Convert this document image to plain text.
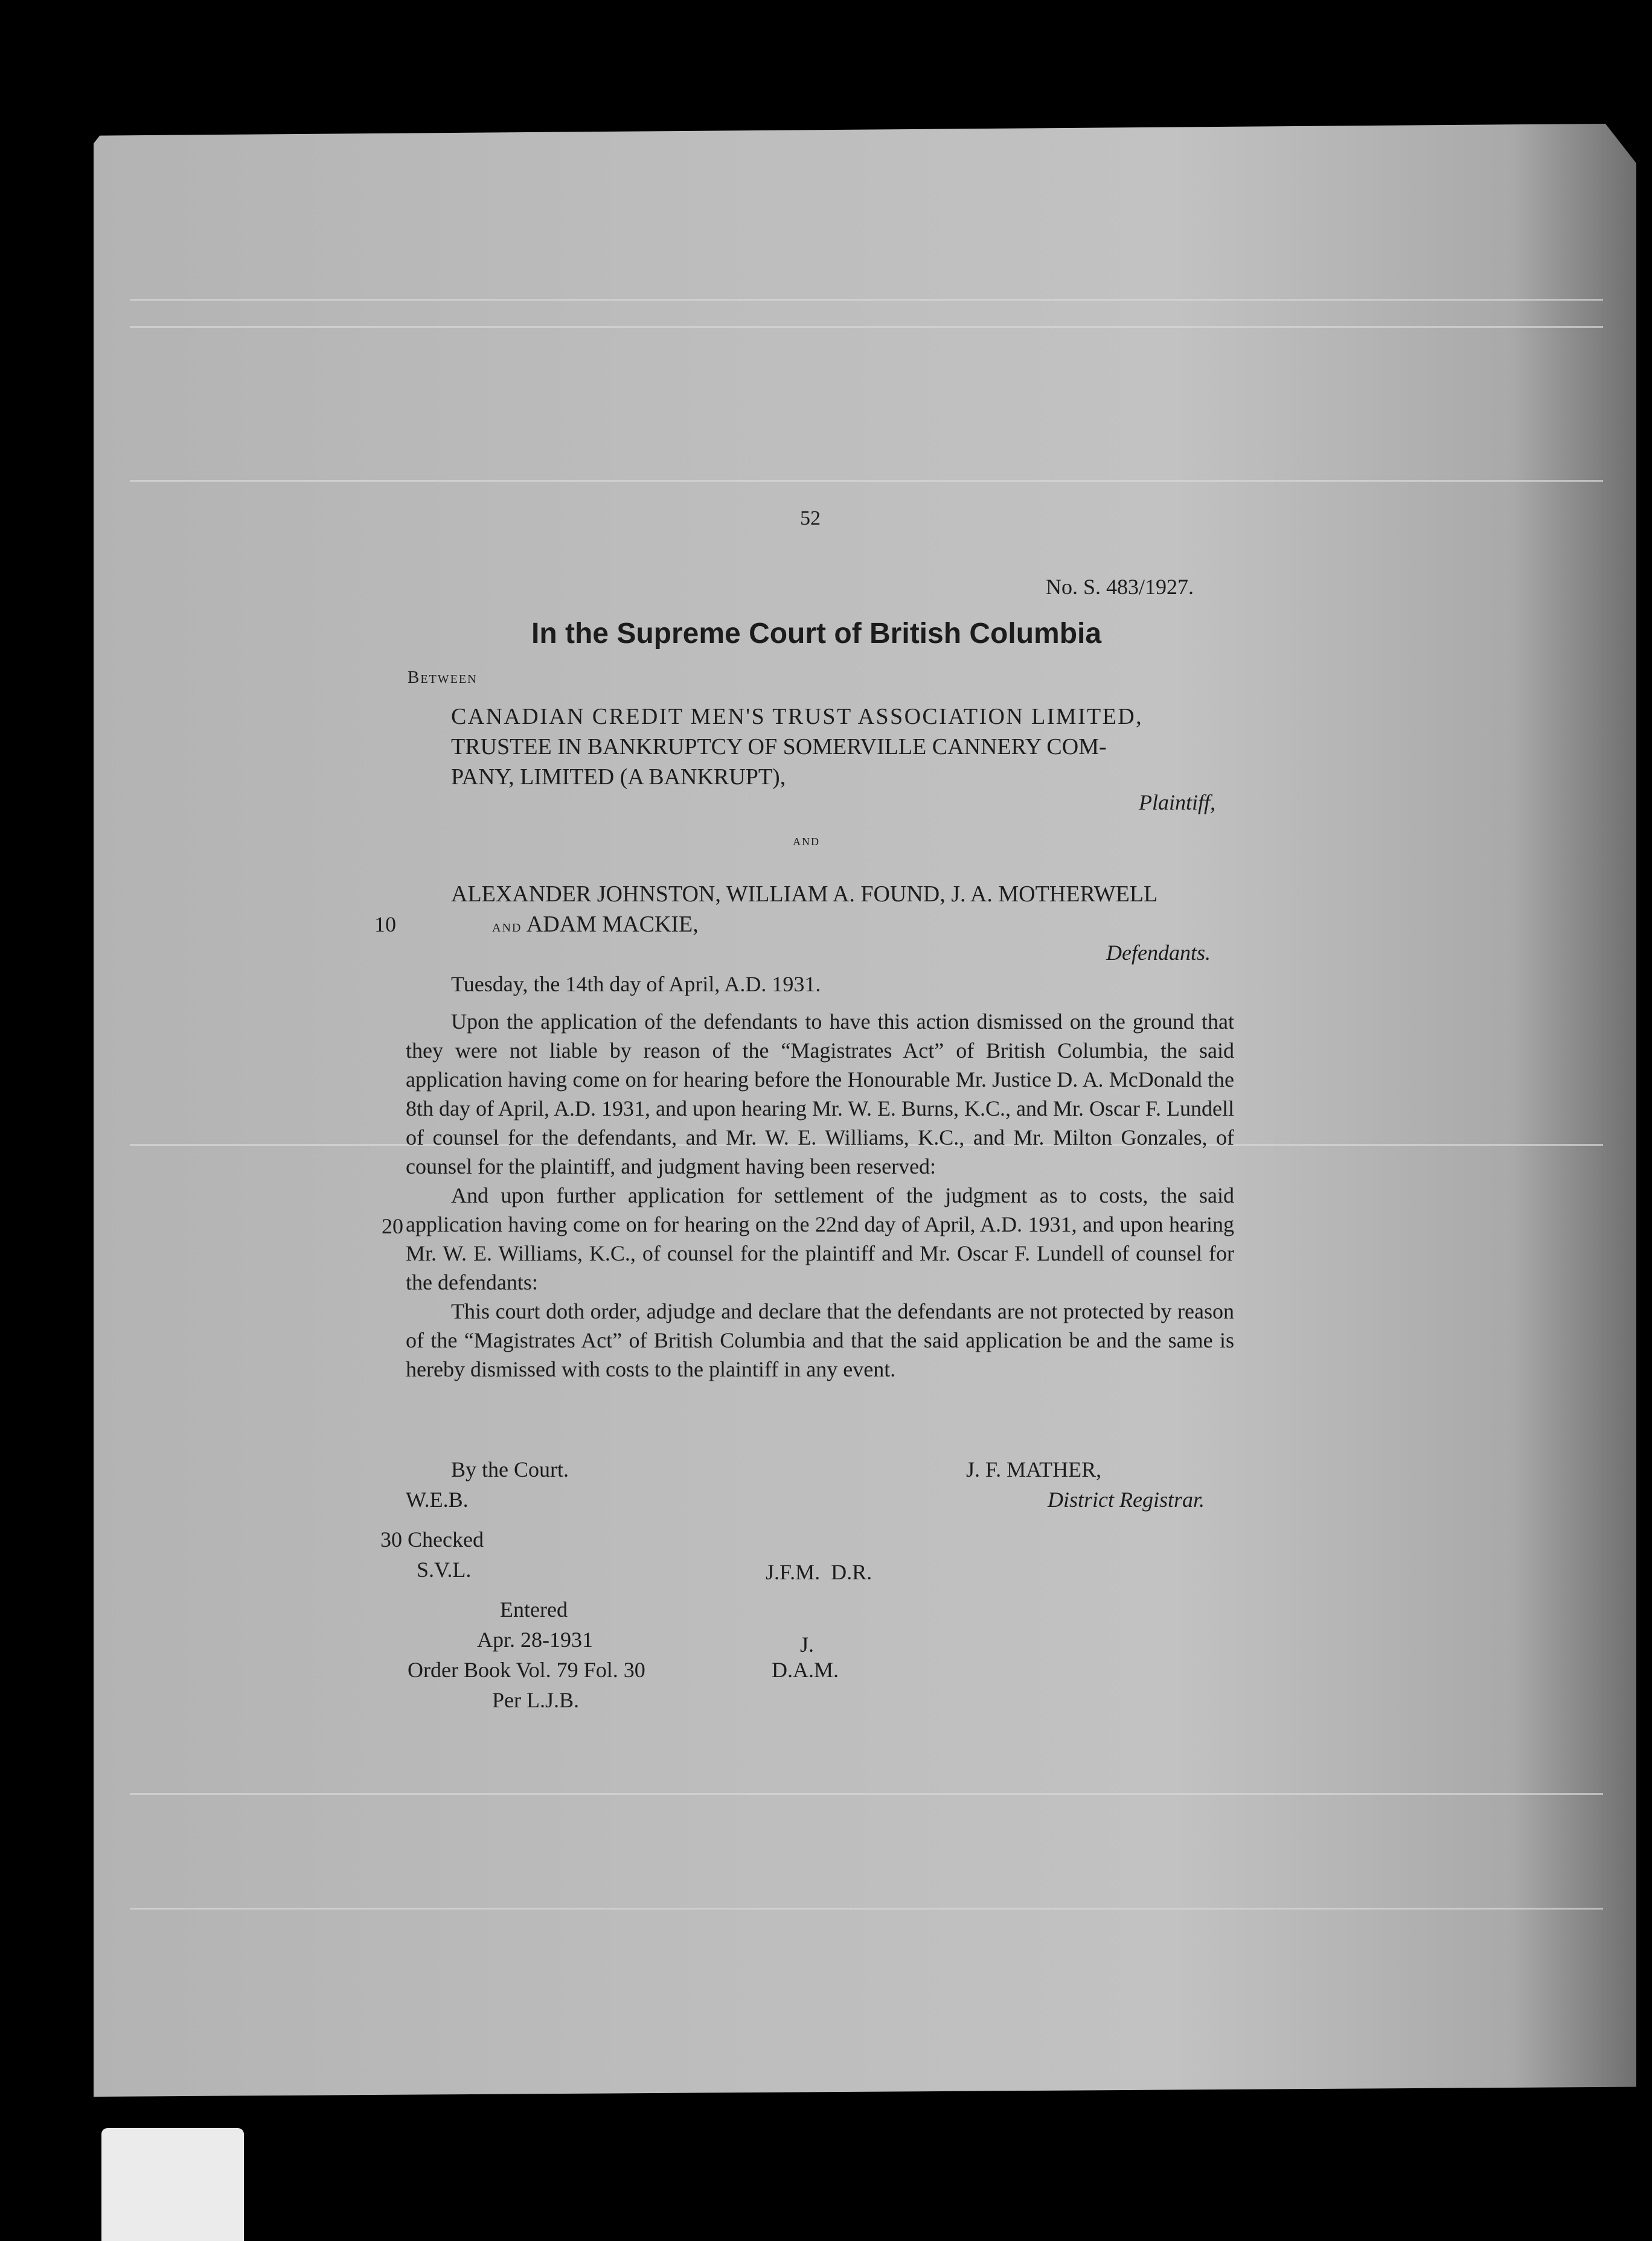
52
No. S. 483/1927.
In the Supreme Court of British Columbia
Between
CANADIAN CREDIT MEN'S TRUST ASSOCIATION LIMITED,
TRUSTEE IN BANKRUPTCY OF SOMERVILLE CANNERY COM-
PANY, LIMITED (A BANKRUPT),
Plaintiff,
and
ALEXANDER JOHNSTON, WILLIAM A. FOUND, J. A. MOTHERWELL
and ADAM MACKIE,
Defendants.
10
20
30
Tuesday, the 14th day of April, A.D. 1931.

Upon the application of the defendants to have this action dismissed on the ground that they were not liable by reason of the “Magistrates Act” of British Columbia, the said application having come on for hearing before the Honourable Mr. Justice D. A. McDonald the 8th day of April, A.D. 1931, and upon hearing Mr. W. E. Burns, K.C., and Mr. Oscar F. Lundell of counsel for the defendants, and Mr. W. E. Williams, K.C., and Mr. Milton Gonzales, of counsel for the plaintiff, and judgment having been reserved:

And upon further application for settlement of the judgment as to costs, the said application having come on for hearing on the 22nd day of April, A.D. 1931, and upon hearing Mr. W. E. Williams, K.C., of counsel for the plaintiff and Mr. Oscar F. Lundell of counsel for the defendants:

This court doth order, adjudge and declare that the defendants are not protected by reason of the “Magistrates Act” of British Columbia and that the said application be and the same is hereby dismissed with costs to the plaintiff in any event.

By the Court.
W.E.B.
J. F. MATHER,
District Registrar.
Checked
S.V.L.	J.F.M.  D.R.
Entered
Apr. 28-1931
Order Book Vol. 79 Fol. 30
Per L.J.B.
J.
D.A.M.
